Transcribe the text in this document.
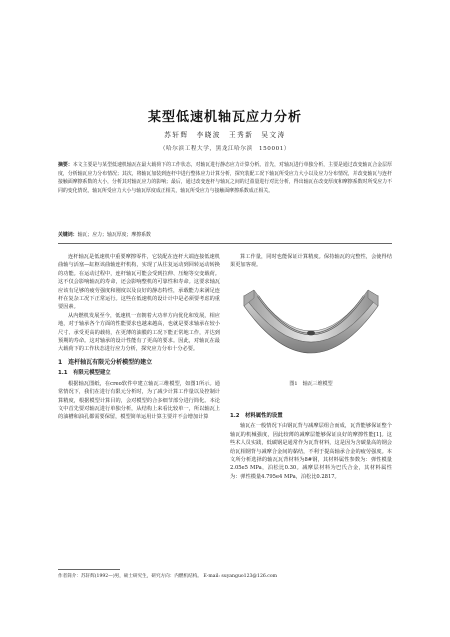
某型低速机轴瓦应力分析
苏轩辉　李晓波　王秀新　吴文涛
（哈尔滨工程大学，黑龙江哈尔滨　150001）
摘要：本文主要是与某型低速机轴瓦在最大载荷下的工作状态，对轴瓦进行静态应力计算分析。首先，对轴瓦进行单独分析，主要是通过改变轴瓦合金层厚度，分析轴瓦应力分布情况；其次，将轴瓦加装到连杆中进行整体应力计算分析，探究装配工况下轴瓦所受应力大小以及应力分布情况，并改变轴瓦与连杆接触面摩擦系数的大小，分析其对轴瓦应力的影响；最后，通过改变连杆与轴瓦之间的过盈量进行对比分析，得出轴瓦在改变厚度和摩擦系数时所受应力不同的变化情况，轴瓦所受应力大小与轴瓦厚度成正相关，轴瓦所受应力与接触面摩擦系数成正相关。
关键词：轴瓦；应力；轴瓦厚度；摩擦系数

连杆轴瓦是低速机中重要摩擦零件，它装配在连杆大端连接低速机曲轴与活塞—缸枢该曲轴连杆机构，实现了从往复运动到回转运动转换的功能。在运动过程中，连杆轴瓦可能会受到拉伸、压缩等交变载荷。这不仅会影响轴瓦的寿命，还会影响整机的可靠性和寿命。这要求轴瓦应该有足够的疲劳强度和刚度以及良好的静态特性，承载能力来满足连杆在复杂工况下正常运行。这些在低速机的设计计中是必须要考虑的重要因素。

从内燃机发展至今，低速机一直朝着大功率方向优化和发展，相应地，对于轴承各个方面的性能要求也越来越高，也就是要求轴承在较小尺寸、承受更高的载荷，在更薄的油膜的工况下能正常地工作，并达到预期的寿命。这对轴承的设计性能有了更高的要求。因此，对轴瓦在最大载荷下的工作状态进行应力分析，探究应力分布十分必要。

1　连杆轴瓦有限元分析模型的建立
1.1　有限元模型建立

根据轴瓦图纸，在creo软件中建立轴瓦三维模型，如图1所示。通常情况下，我们在进行有限元分析时，为了减少计算工作量以及控制计算精度，根据模型计算目的，会对模型的合多细节部分进行简化。本论文中首先要对轴瓦进行单独分析，从结构上来看比较单一，所以轴瓦上的油槽和油孔都需要保留，模型简单运用计算主要并不会增加计算

算工作量，同时也能保证计算精度。保持轴瓦的完整性，会使得结果更加客观。

图1　轴瓦三维模型
1.2　材料属性的设置

轴瓦在一般情况下由钢瓦背与减摩层组合而成，瓦背能够保证整个轴瓦的机械强度，因此较薄的减摩层能够保证良好的摩擦性能[1]。这些术人员实践，低碳钢是通常作为瓦背材料，这是因为含碳量高的钢会给瓦相钢背与减摩合金间的黏结，不利于提高轴承合金的疲劳强度。本文所分析选择的轴瓦瓦背材料为8#钢，其材料属性参数为：弹性模量2.05e5 MPa，泊松比0.30。减摩层材料为巴氏合金，其材料属性为：弹性模量4.795e4 MPa，泊松比0.2817。

作者简介：苏轩辉(1992—)男，硕士研究生，研究方向：内燃机结构。 E-mail: suyanguo123@126.com
